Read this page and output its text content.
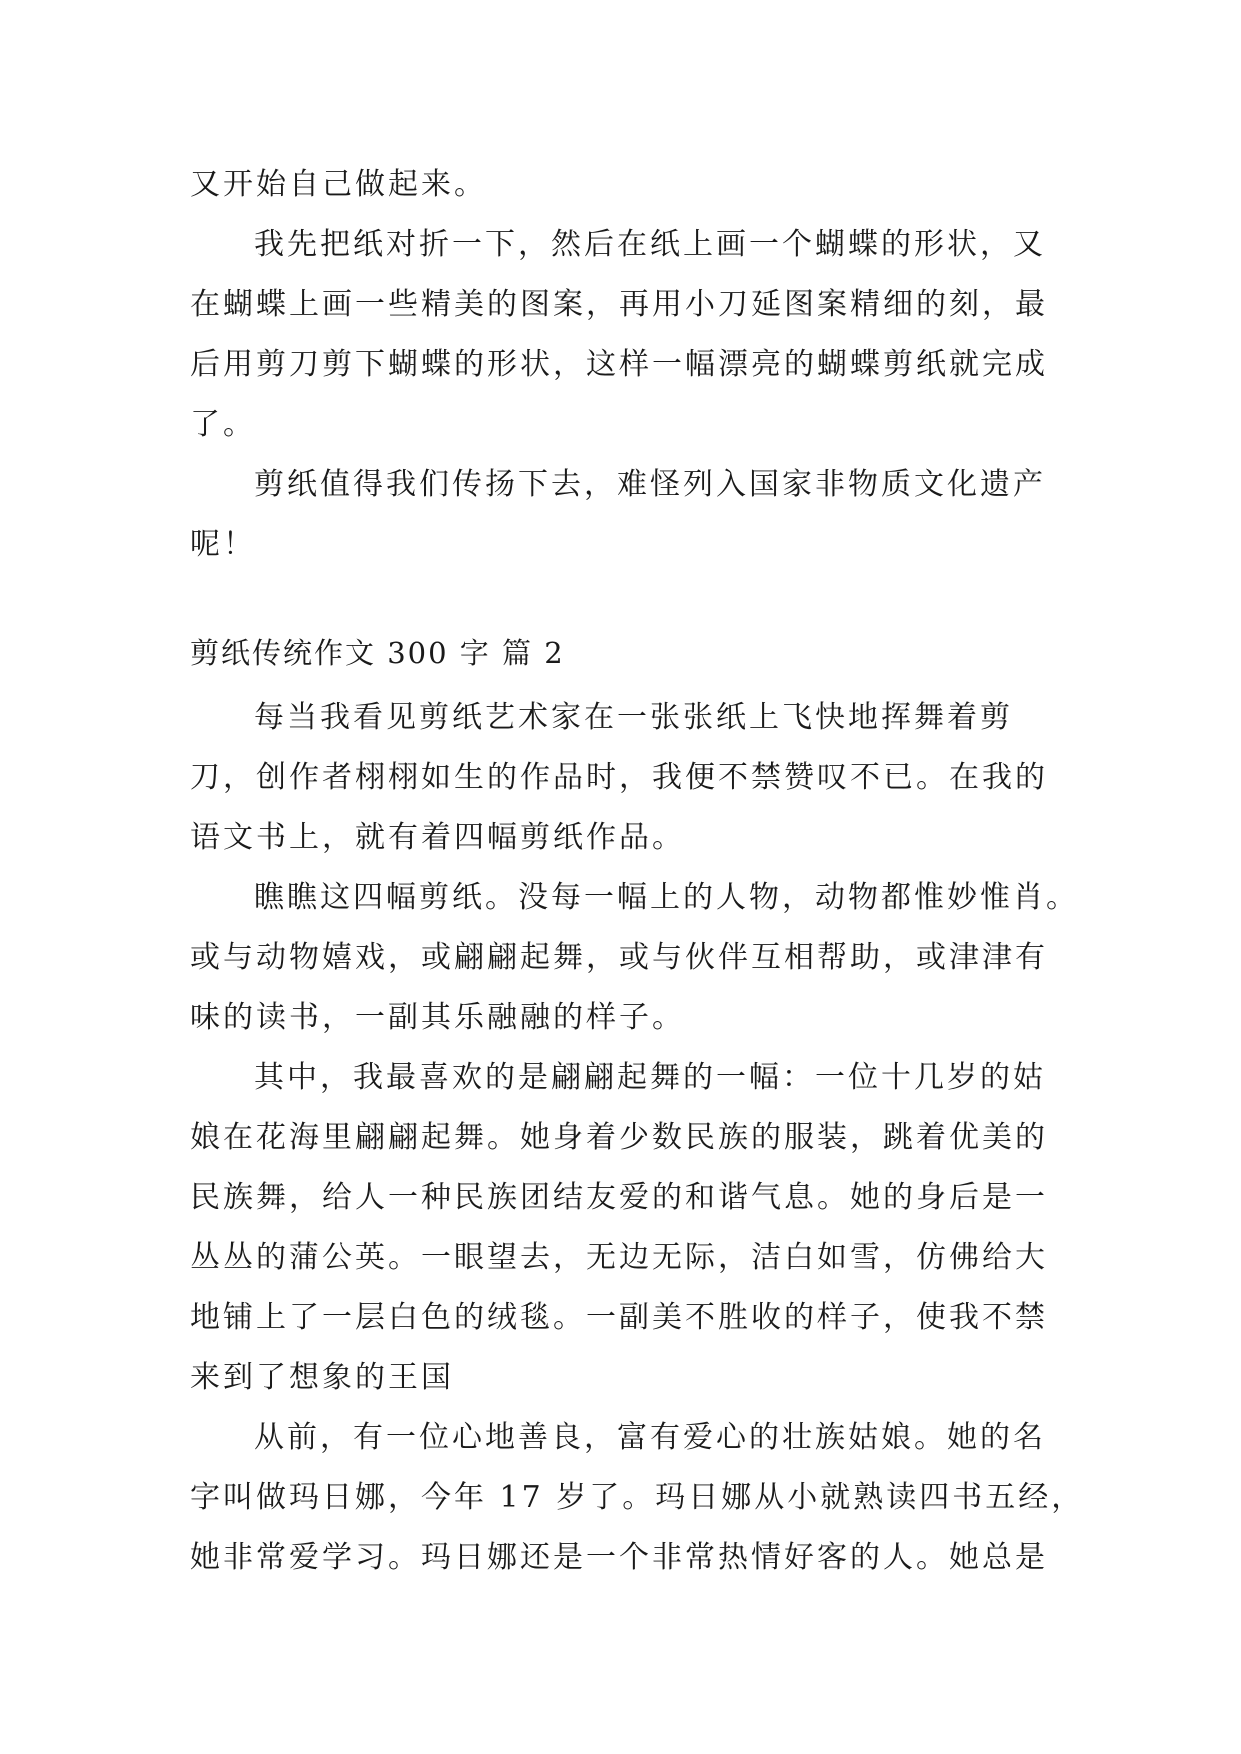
又开始自己做起来。
我先把纸对折一下，然后在纸上画一个蝴蝶的形状，又
在蝴蝶上画一些精美的图案，再用小刀延图案精细的刻，最
后用剪刀剪下蝴蝶的形状，这样一幅漂亮的蝴蝶剪纸就完成
了。
剪纸值得我们传扬下去，难怪列入国家非物质文化遗产
呢！
剪纸传统作文 300 字 篇 2
每当我看见剪纸艺术家在一张张纸上飞快地挥舞着剪
刀，创作者栩栩如生的作品时，我便不禁赞叹不已。在我的
语文书上，就有着四幅剪纸作品。
瞧瞧这四幅剪纸。没每一幅上的人物，动物都惟妙惟肖。
或与动物嬉戏，或翩翩起舞，或与伙伴互相帮助，或津津有
味的读书，一副其乐融融的样子。
其中，我最喜欢的是翩翩起舞的一幅：一位十几岁的姑
娘在花海里翩翩起舞。她身着少数民族的服装，跳着优美的
民族舞，给人一种民族团结友爱的和谐气息。她的身后是一
丛丛的蒲公英。一眼望去，无边无际，洁白如雪，仿佛给大
地铺上了一层白色的绒毯。一副美不胜收的样子，使我不禁
来到了想象的王国
从前，有一位心地善良，富有爱心的壮族姑娘。她的名
字叫做玛日娜，今年 17 岁了。玛日娜从小就熟读四书五经，
她非常爱学习。玛日娜还是一个非常热情好客的人。她总是
